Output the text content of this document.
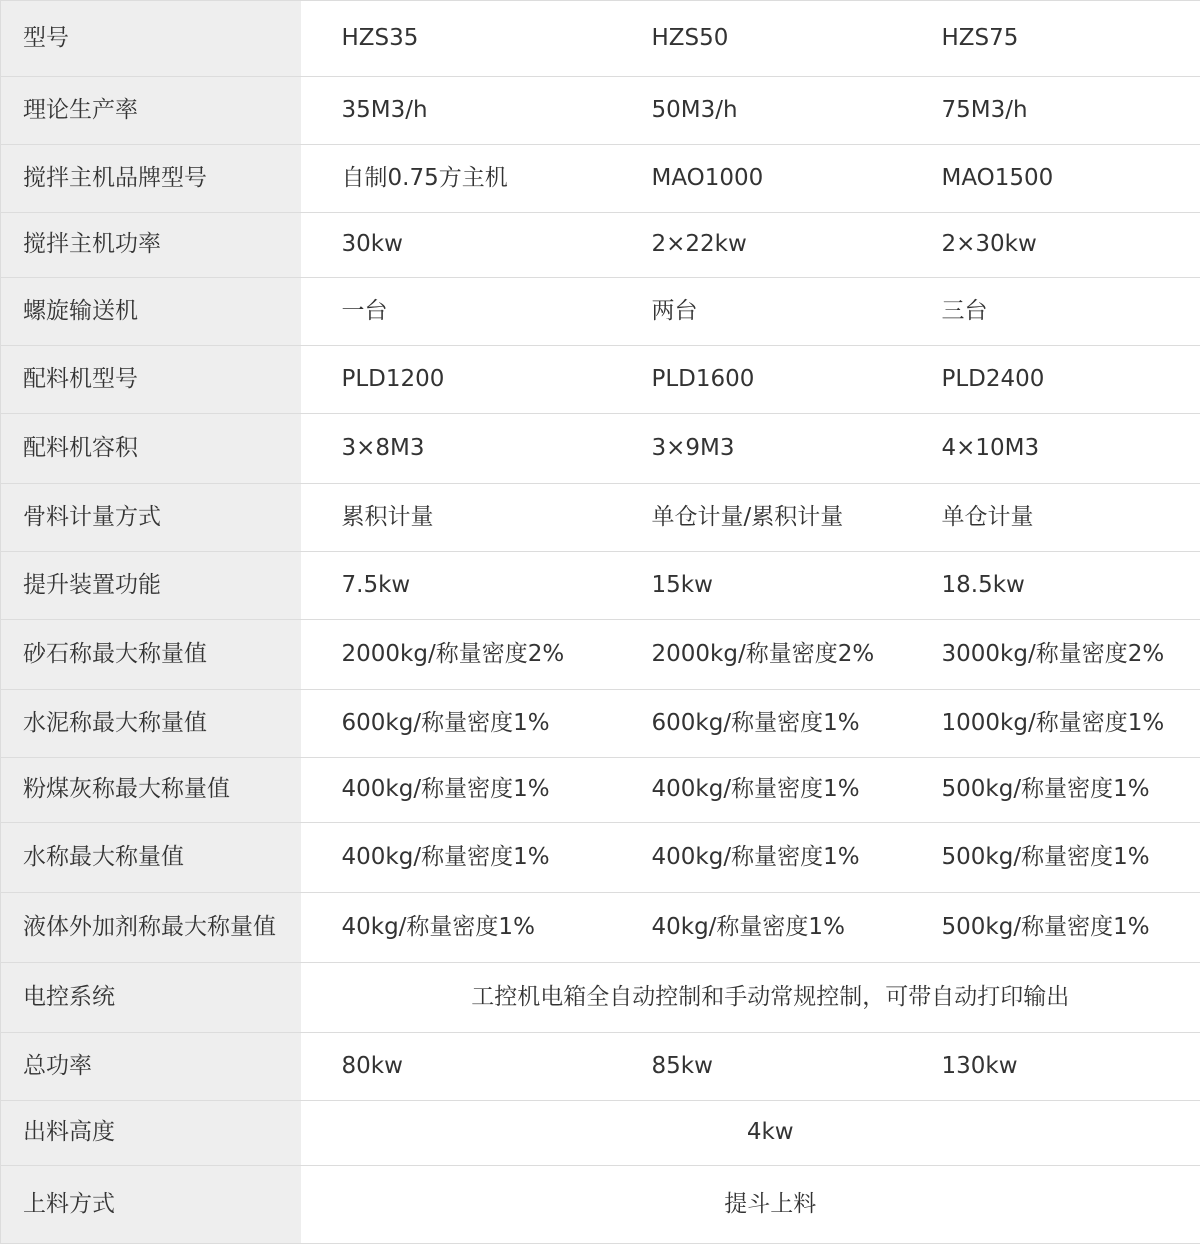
型号	HZS35	HZS50	HZS75
理论生产率	35M3/h	50M3/h	75M3/h
搅拌主机品牌型号	自制0.75方主机	MAO1000	MAO1500
搅拌主机功率	30kw	2×22kw	2×30kw
螺旋输送机	一台	两台	三台
配料机型号	PLD1200	PLD1600	PLD2400
配料机容积	3×8M3	3×9M3	4×10M3
骨料计量方式	累积计量	单仓计量/累积计量	单仓计量
提升装置功能	7.5kw	15kw	18.5kw
砂石称最大称量值	2000kg/称量密度2%	2000kg/称量密度2%	3000kg/称量密度2%
水泥称最大称量值	600kg/称量密度1%	600kg/称量密度1%	1000kg/称量密度1%
粉煤灰称最大称量值	400kg/称量密度1%	400kg/称量密度1%	500kg/称量密度1%
水称最大称量值	400kg/称量密度1%	400kg/称量密度1%	500kg/称量密度1%
液体外加剂称最大称量值	40kg/称量密度1%	40kg/称量密度1%	500kg/称量密度1%
电控系统	工控机电箱全自动控制和手动常规控制，可带自动打印输出		
总功率	80kw	85kw	130kw
出料高度	4kw		
上料方式	提斗上料		
